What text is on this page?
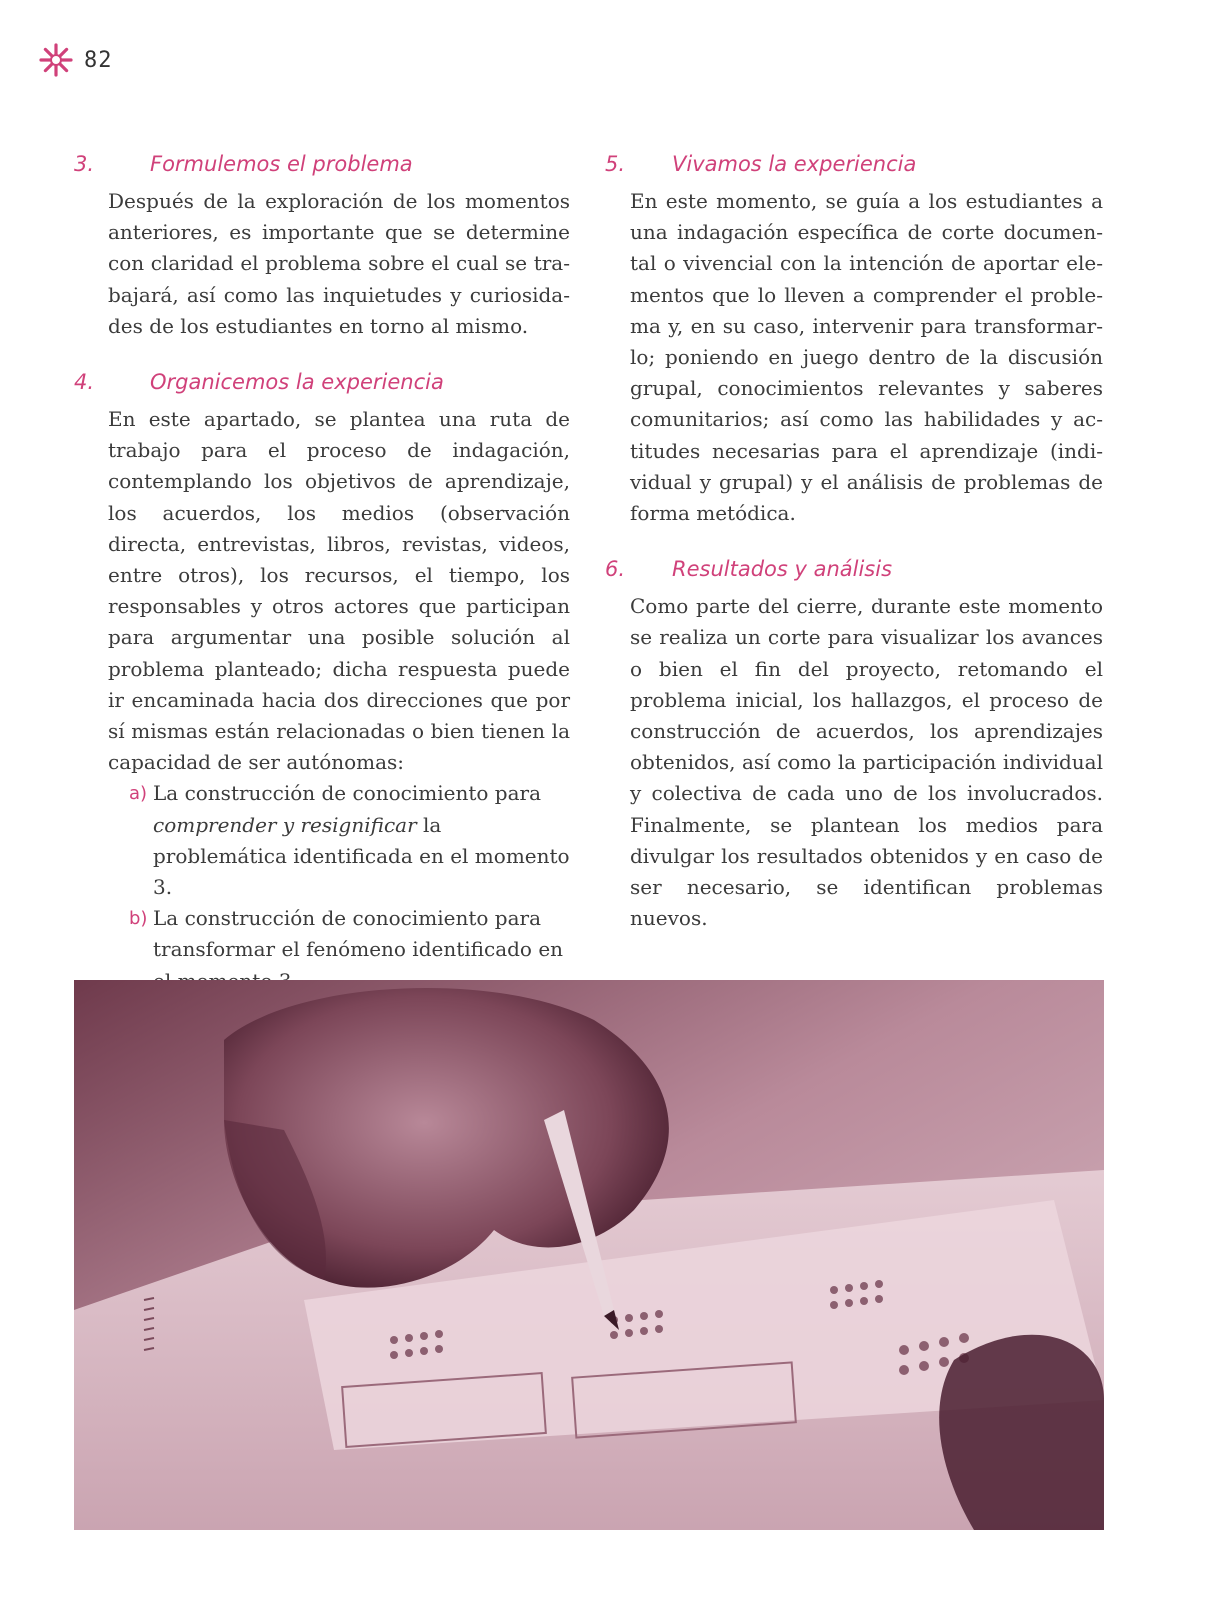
82
3.	Formulemos el problema

Después de la exploración de los momentos anteriores, es importante que se determine con claridad el problema sobre el cual se trabajará, así como las inquietudes y curiosidades de los estudiantes en torno al mismo.

4.	Organicemos la experiencia

En este apartado, se plantea una ruta de trabajo para el proceso de indagación, contemplando los objetivos de aprendizaje, los acuerdos, los medios (observación directa, entrevistas, libros, revistas, videos, entre otros), los recursos, el tiempo, los responsables y otros actores que participan para argumentar una posible solución al problema planteado; dicha respuesta puede ir encaminada hacia dos direcciones que por sí mismas están relacionadas o bien tienen la capacidad de ser autónomas:

a) La construcción de conocimiento para comprender y resignificar la problemática identificada en el momento 3.
b) La construcción de conocimiento para transformar el fenómeno identificado en
5.	Vivamos la experiencia

En este momento, se guía a los estudiantes a una indagación específica de corte documental o vivencial con la intención de aportar elementos que lo lleven a comprender el problema y, en su caso, intervenir para transformarlo; poniendo en juego dentro de la discusión grupal, conocimientos relevantes y saberes comunitarios; así como las habilidades y actitudes necesarias para el aprendizaje (individual y grupal) y el análisis de problemas de forma metódica.

6.	Resultados y análisis

Como parte del cierre, durante este momento se realiza un corte para visualizar los avances o bien el fin del proyecto, retomando el problema inicial, los hallazgos, el proceso de construcción de acuerdos, los aprendizajes obtenidos, así como la participación individual y colectiva de cada uno de los involucrados. Finalmente, se plantean los medios para divulgar los resultados obtenidos y en caso de ser necesario, se identifican problemas nuevos.
